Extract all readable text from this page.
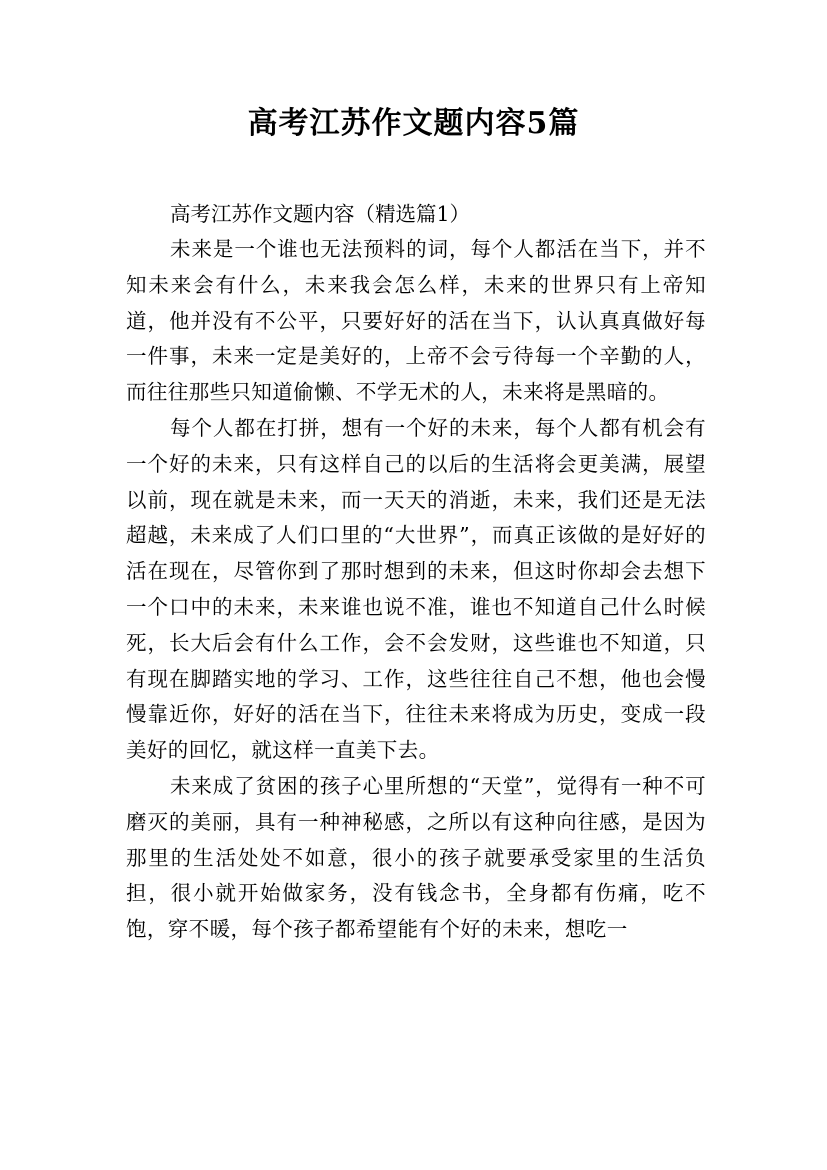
高考江苏作文题内容5篇

高考江苏作文题内容（精选篇1）

未来是一个谁也无法预料的词，每个人都活在当下，并不知未来会有什么，未来我会怎么样，未来的世界只有上帝知道，他并没有不公平，只要好好的活在当下，认认真真做好每一件事，未来一定是美好的，上帝不会亏待每一个辛勤的人，而往往那些只知道偷懒、不学无术的人，未来将是黑暗的。

每个人都在打拼，想有一个好的未来，每个人都有机会有一个好的未来，只有这样自己的以后的生活将会更美满，展望以前，现在就是未来，而一天天的消逝，未来，我们还是无法超越，未来成了人们口里的“大世界”，而真正该做的是好好的活在现在，尽管你到了那时想到的未来，但这时你却会去想下一个口中的未来，未来谁也说不准，谁也不知道自己什么时候死，长大后会有什么工作，会不会发财，这些谁也不知道，只有现在脚踏实地的学习、工作，这些往往自己不想，他也会慢慢靠近你，好好的活在当下，往往未来将成为历史，变成一段美好的回忆，就这样一直美下去。

未来成了贫困的孩子心里所想的“天堂”，觉得有一种不可磨灭的美丽，具有一种神秘感，之所以有这种向往感，是因为那里的生活处处不如意，很小的孩子就要承受家里的生活负担，很小就开始做家务，没有钱念书，全身都有伤痛，吃不饱，穿不暖，每个孩子都希望能有个好的未来，想吃一
